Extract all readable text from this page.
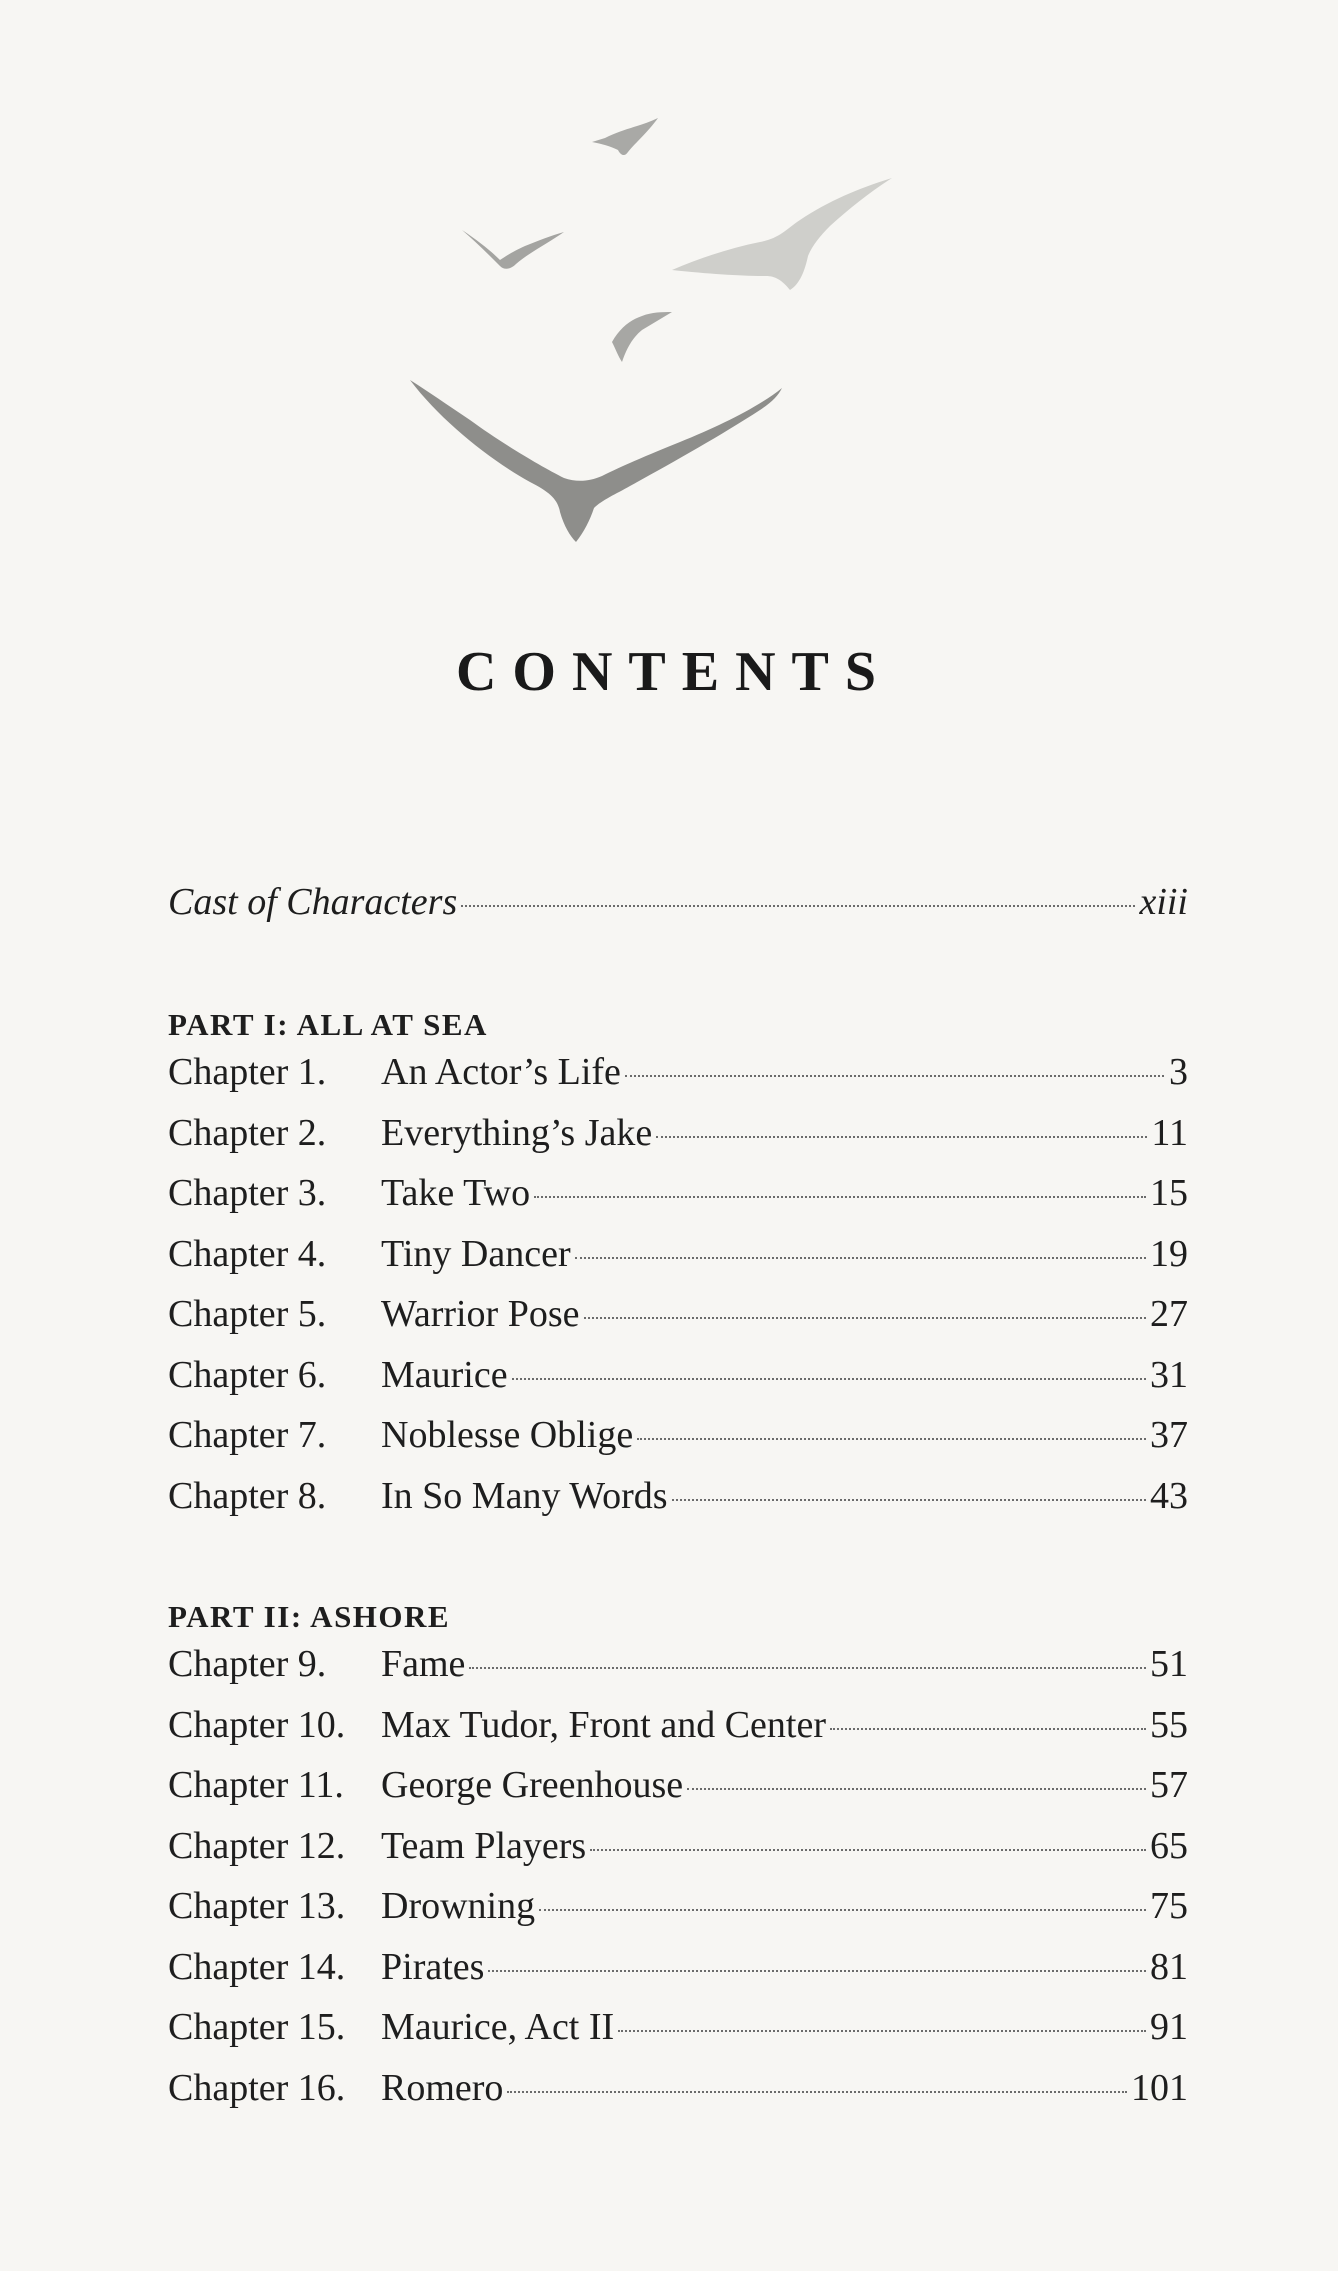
CONTENTS
Cast of Characters	xiii
PART I: ALL AT SEA
Chapter 1.	An Actor’s Life	3
Chapter 2.	Everything’s Jake	11
Chapter 3.	Take Two	15
Chapter 4.	Tiny Dancer	19
Chapter 5.	Warrior Pose	27
Chapter 6.	Maurice	31
Chapter 7.	Noblesse Oblige	37
Chapter 8.	In So Many Words	43
PART II: ASHORE
Chapter 9.	Fame	51
Chapter 10. Max Tudor, Front and Center	55
Chapter 11. George Greenhouse	57
Chapter 12. Team Players	65
Chapter 13. Drowning	75
Chapter 14. Pirates	81
Chapter 15. Maurice, Act II	91
Chapter 16. Romero	101
